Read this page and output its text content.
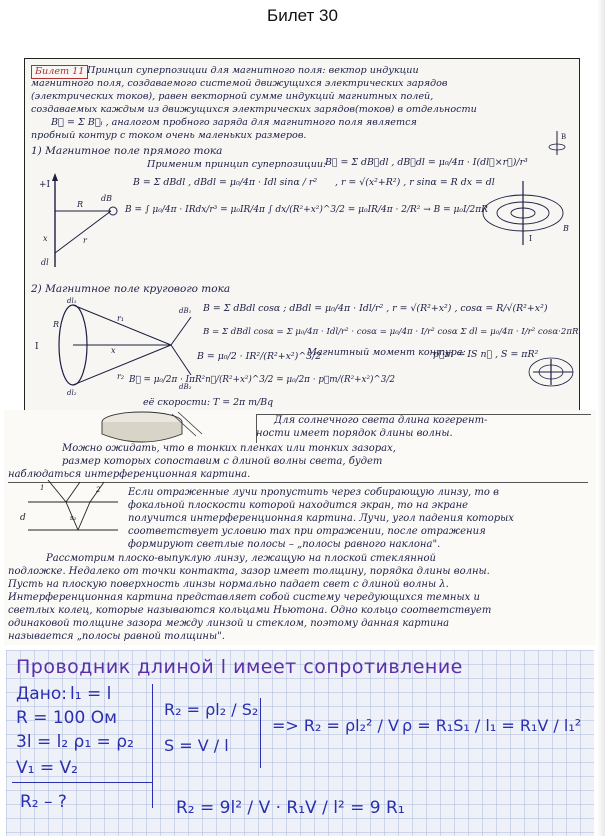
Билет 30
Билет 11 Принцип суперпозиции для магнитного поля: вектор индукции
магнитного поля, создаваемого системой движущихся электрических зарядов
(электрических токов), равен векторной сумме индукций магнитных полей,
создаваемых каждым из движущихся электрических зарядов(токов) в отдельности
B⃗ = Σ B⃗ᵢ , аналогом пробного заряда для магнитного поля является
пробный контур с током очень маленьких размеров.
1) Магнитное поле прямого тока
Применим принцип суперпозиции:
B⃗ = Σ dB⃗dl , dB⃗dl = μ₀/4π · I(dl⃗×r⃗)/r³
B = Σ dBdl , dBdl = μ₀/4π · Idl sinα / r² , r = √(x²+R²) , r sinα = R dx = dl
B = ∫ μ₀/4π · IRdx/r³ = μ₀IR/4π ∫ dx/(R²+x²)^3/2 = μ₀IR/4π · 2/R² → B = μ₀I/2πR
+I
R
r
dB
x
dl
I
B
B
2) Магнитное поле кругового тока
B = Σ dBdl cosα ; dBdl = μ₀/4π · Idl/r² , r = √(R²+x²) , cosα = R/√(R²+x²)
B = Σ dBdl cosα = Σ μ₀/4π · Idl/r² · cosα = μ₀/4π · I/r² cosα Σ dl = μ₀/4π · I/r² cosα·2πR
B = μ₀/2 · IR²/(R²+x²)^3/2
Магнитный момент контура:
p⃗m = IS n⃗ , S = πR²
B⃗ = μ₀/2π · IπR²n⃗/(R²+x²)^3/2 = μ₀/2π · p⃗m/(R²+x²)^3/2
её скорости: T = 2π m/Bq
I
R
x
r₁
r₂
dl₁
dl₂
dB₁
dB₂
Для солнечного света длина когерент-
ности имеет порядок длины волны.
Можно ожидать, что в тонких пленках или тонких зазорах,
размер которых сопоставим с длиной волны света, будет
наблюдаться интерференционная картина.
d
1	2
s₂
Если отраженные лучи пропустить через собирающую линзу, то в
фокальной плоскости которой находится экран, то на экране
получится интерференционная картина. Лучи, угол падения которых
соответствует условию max при отражении, после отражения
формируют светлые полосы – „полосы равного наклона".
Рассмотрим плоско-выпуклую линзу, лежащую на плоской стеклянной
подложке. Недалеко от точки контакта, зазор имеет толщину, порядка длины волны.
Пусть на плоскую поверхность линзы нормально падает свет с длиной волны λ.
Интерференционная картина представляет собой систему чередующихся темных и
светлых колец, которые называются кольцами Ньютона. Одно кольцо соответствует
одинаковой толщине зазора между линзой и стеклом, поэтому данная картина
называется „полосы равной толщины".
Проводник длиной l имеет сопротивление
Дано: l₁ = l
R = 100 Ом
3l = l₂ ρ₁ = ρ₂
V₁ = V₂
R₂ – ?
R₂ = ρl₂ / S₂
S = V / l
=> R₂ = ρl₂² / V ρ = R₁S₁ / l₁ = R₁V / l₁²
R₂ = 9l² / V · R₁V / l² = 9 R₁
